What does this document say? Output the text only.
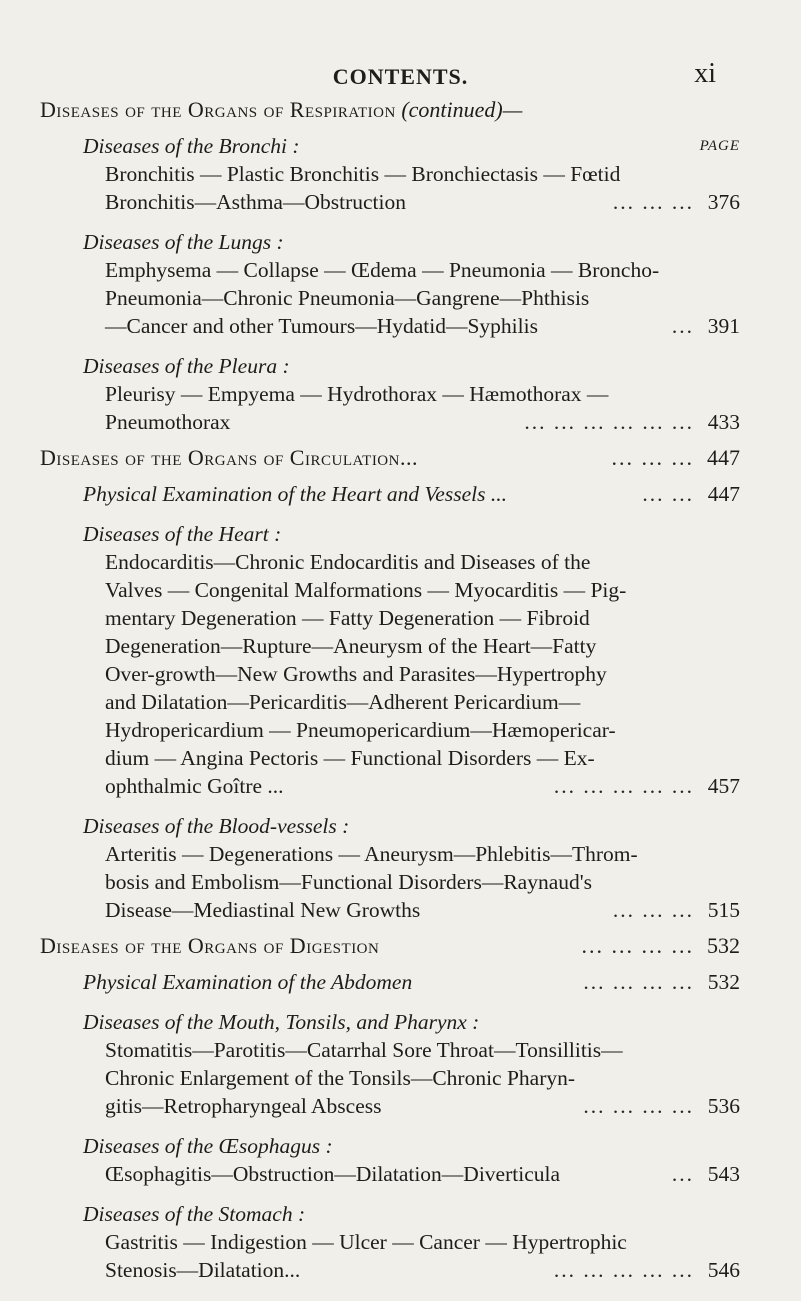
CONTENTS.	xi
Diseases of the Organs of Respiration (continued)—
Diseases of the Bronchi :	PAGE
Bronchitis — Plastic Bronchitis — Bronchiectasis — Fœtid
Bronchitis—Asthma—Obstruction	... ... ... 376
Diseases of the Lungs :
Emphysema — Collapse — Œdema — Pneumonia — Broncho-
Pneumonia—Chronic Pneumonia—Gangrene—Phthisis
—Cancer and other Tumours—Hydatid—Syphilis	... 391
Diseases of the Pleura :
Pleurisy — Empyema — Hydrothorax — Hæmothorax —
Pneumothorax	... ... ... ... ... ... 433
Diseases of the Organs of Circulation...	... ... ... 447
Physical Examination of the Heart and Vessels ...	... ... 447
Diseases of the Heart :
Endocarditis—Chronic Endocarditis and Diseases of the
Valves — Congenital Malformations — Myocarditis — Pig-
mentary Degeneration — Fatty Degeneration — Fibroid
Degeneration—Rupture—Aneurysm of the Heart—Fatty
Over-growth—New Growths and Parasites—Hypertrophy
and Dilatation—Pericarditis—Adherent Pericardium—
Hydropericardium — Pneumopericardium—Hæmopericar-
dium — Angina Pectoris — Functional Disorders — Ex-
ophthalmic Goître ...	... ... ... ... ... 457
Diseases of the Blood-vessels :
Arteritis — Degenerations — Aneurysm—Phlebitis—Throm-
bosis and Embolism—Functional Disorders—Raynaud's
Disease—Mediastinal New Growths	... ... ... 515
Diseases of the Organs of Digestion	... ... ... ... 532
Physical Examination of the Abdomen	... ... ... ... 532
Diseases of the Mouth, Tonsils, and Pharynx :
Stomatitis—Parotitis—Catarrhal Sore Throat—Tonsillitis—
Chronic Enlargement of the Tonsils—Chronic Pharyn-
gitis—Retropharyngeal Abscess	... ... ... ... 536
Diseases of the Œsophagus :
Œsophagitis—Obstruction—Dilatation—Diverticula	... 543
Diseases of the Stomach :
Gastritis — Indigestion — Ulcer — Cancer — Hypertrophic
Stenosis—Dilatation...	... ... ... ... ... 546
